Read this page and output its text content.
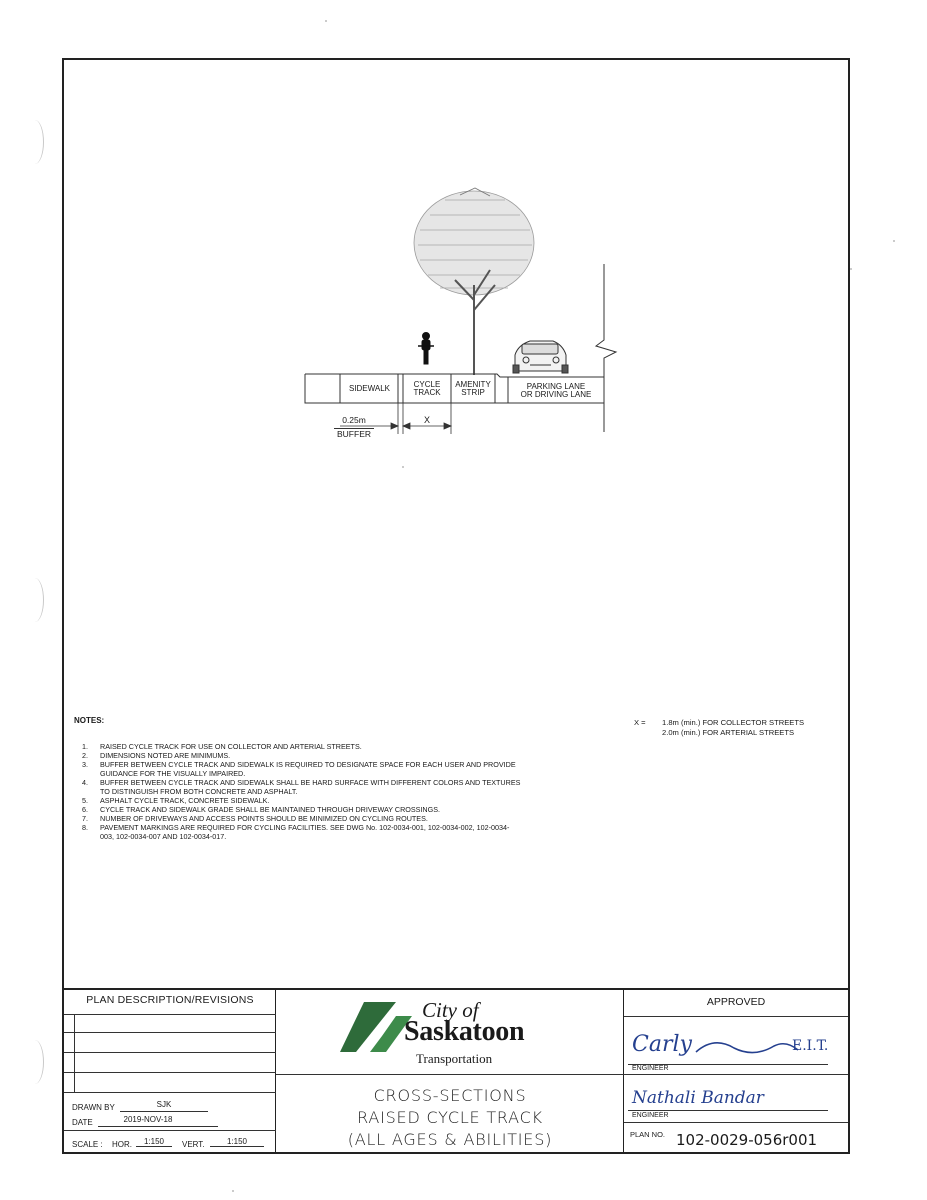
SIDEWALK	CYCLE
TRACK
AMENITY
STRIP
PARKING LANE
OR DRIVING LANE
0.25m
BUFFER
X
NOTES:
1.	RAISED CYCLE TRACK FOR USE ON COLLECTOR AND ARTERIAL STREETS.
2.	DIMENSIONS NOTED ARE MINIMUMS.
3.	BUFFER BETWEEN CYCLE TRACK AND SIDEWALK IS REQUIRED TO DESIGNATE SPACE FOR EACH USER AND PROVIDE GUIDANCE FOR THE VISUALLY IMPAIRED.
4.	BUFFER BETWEEN CYCLE TRACK AND SIDEWALK SHALL BE HARD SURFACE WITH DIFFERENT COLORS AND TEXTURES TO DISTINGUISH FROM BOTH CONCRETE AND ASPHALT.
5.	ASPHALT CYCLE TRACK, CONCRETE SIDEWALK.
6.	CYCLE TRACK AND SIDEWALK GRADE SHALL BE MAINTAINED THROUGH DRIVEWAY CROSSINGS.
7.	NUMBER OF DRIVEWAYS AND ACCESS POINTS SHOULD BE MINIMIZED ON CYCLING ROUTES.
8.	PAVEMENT MARKINGS ARE REQUIRED FOR CYCLING FACILITIES. SEE DWG No. 102-0034-001, 102-0034-002, 102-0034-003, 102-0034-007 AND 102-0034-017.
X =	1.8m (min.) FOR COLLECTOR STREETS
2.0m (min.) FOR ARTERIAL STREETS
PLAN DESCRIPTION/REVISIONS
DRAWN BY	SJK
DATE	2019-NOV-18
SCALE : HOR.	1:150	VERT.	1:150
City of
Saskatoon
Transportation
CROSS-SECTIONS
RAISED CYCLE TRACK
(ALL AGES & ABILITIES)
APPROVED
Carly	E.I.T.
ENGINEER
Nathali Bandar
ENGINEER
PLAN NO. 102-0029-056r001
